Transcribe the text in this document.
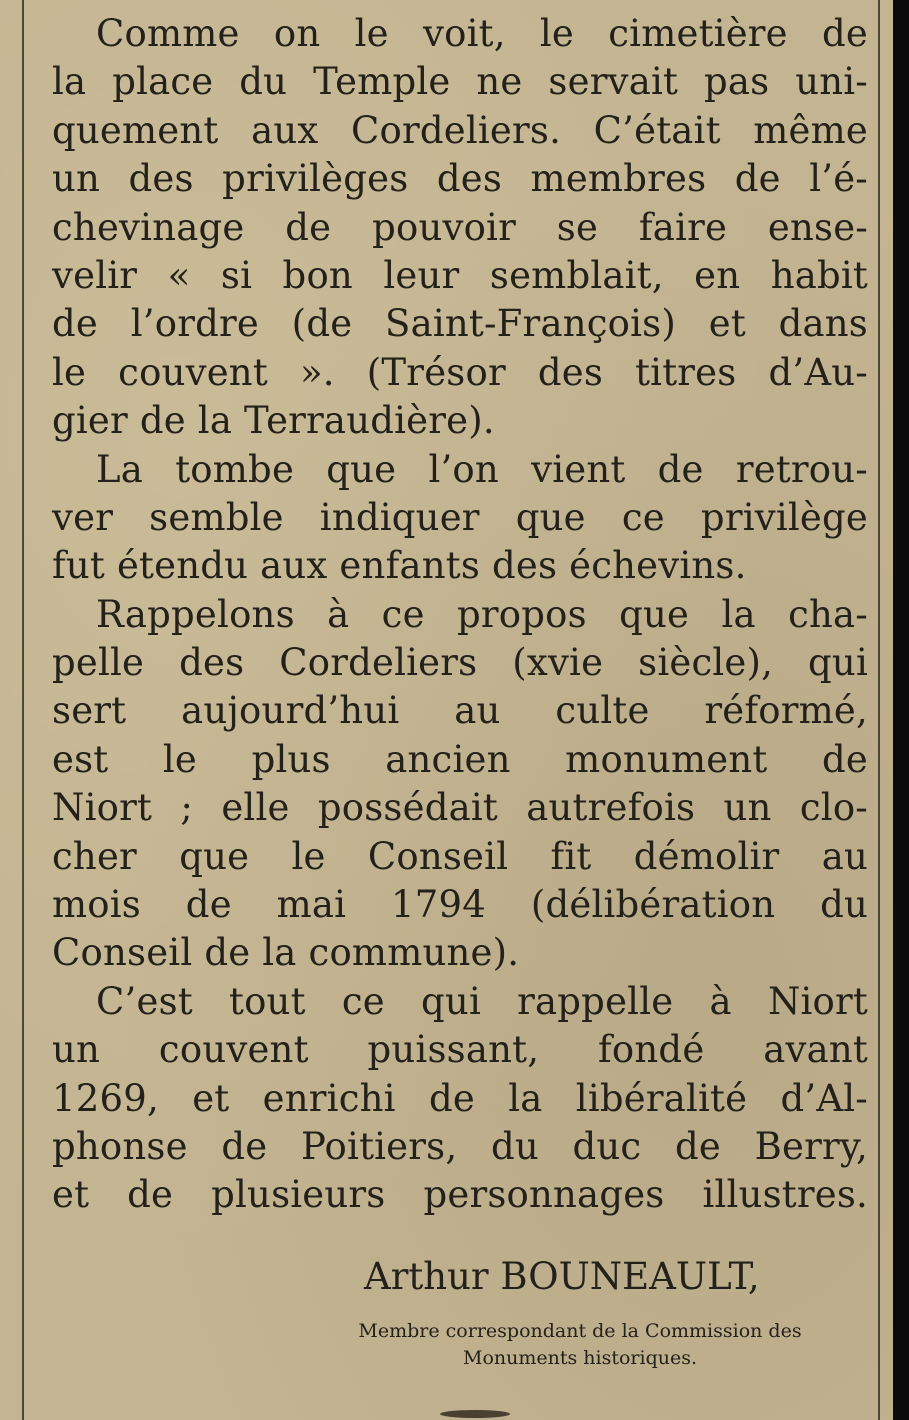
Comme on le voit, le cimetière de
la place du Temple ne servait pas uni-
quement aux Cordeliers. C’était même
un des privilèges des membres de l’é-
chevinage de pouvoir se faire ense-
velir « si bon leur semblait, en habit
de l’ordre (de Saint-François) et dans
le couvent ». (Trésor des titres d’Au-
gier de la Terraudière).
La tombe que l’on vient de retrou-
ver semble indiquer que ce privilège
fut étendu aux enfants des échevins.
Rappelons à ce propos que la cha-
pelle des Cordeliers (xvie siècle), qui
sert aujourd’hui au culte réformé,
est le plus ancien monument de
Niort ; elle possédait autrefois un clo-
cher que le Conseil fit démolir au
mois de mai 1794 (délibération du
Conseil de la commune).
C’est tout ce qui rappelle à Niort
un couvent puissant, fondé avant
1269, et enrichi de la libéralité d’Al-
phonse de Poitiers, du duc de Berry,
et de plusieurs personnages illustres.
Arthur BOUNEAULT,
Membre correspondant de la Commission des
Monuments historiques.
